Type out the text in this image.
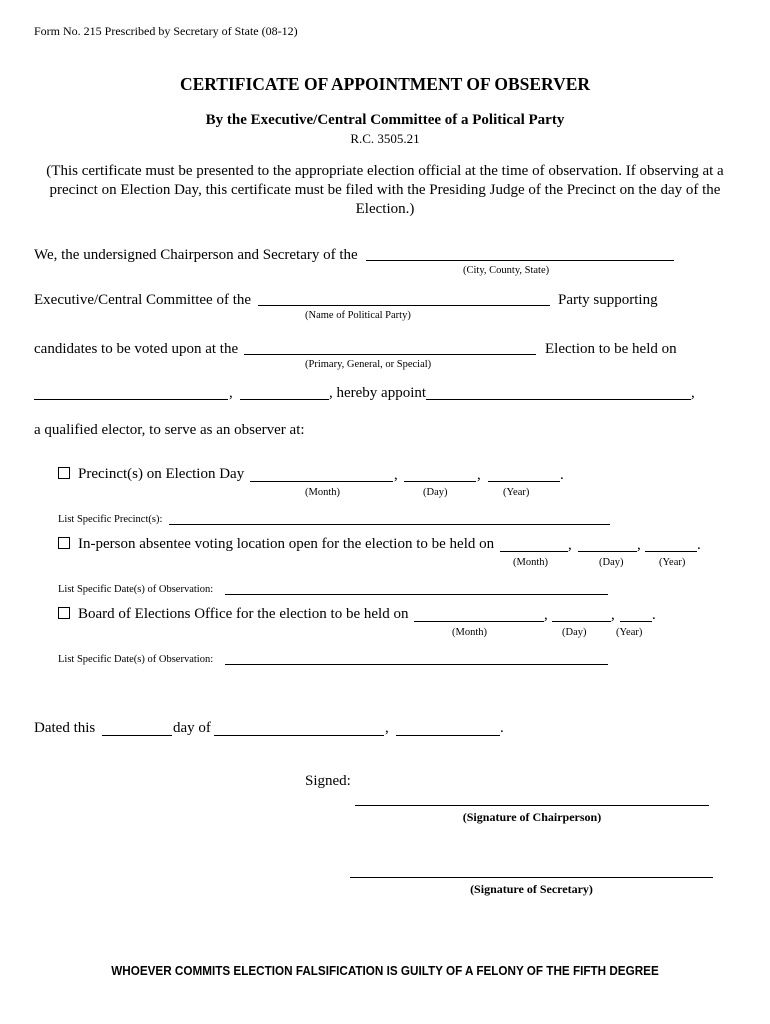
Form No. 215 Prescribed by Secretary of State (08-12)
CERTIFICATE OF APPOINTMENT OF OBSERVER
By the Executive/Central Committee of a Political Party
R.C. 3505.21
(This certificate must be presented to the appropriate election official at the time of observation. If observing at a
precinct on Election Day, this certificate must be filed with the Presiding Judge of the Precinct on the day of the
Election.)
We, the undersigned Chairperson and Secretary of the
(City, County, State)
Executive/Central Committee of the	Party supporting
(Name of Political Party)
candidates to be voted upon at the	Election to be held on
(Primary, General, or Special)
,	, hereby appoint	,
a qualified elector, to serve as an observer at:
Precinct(s) on Election Day	,	,	.
(Month)	(Day)	(Year)
List Specific Precinct(s):
In-person absentee voting location open for the election to be held on	,	,	.
(Month)	(Day)	(Year)
List Specific Date(s) of Observation:
Board of Elections Office for the election to be held on	,	, .
(Month)	(Day)	(Year)
List Specific Date(s) of Observation:
Dated this	day of	,	.
Signed:
(Signature of Chairperson)
(Signature of Secretary)
WHOEVER COMMITS ELECTION FALSIFICATION IS GUILTY OF A FELONY OF THE FIFTH DEGREE
